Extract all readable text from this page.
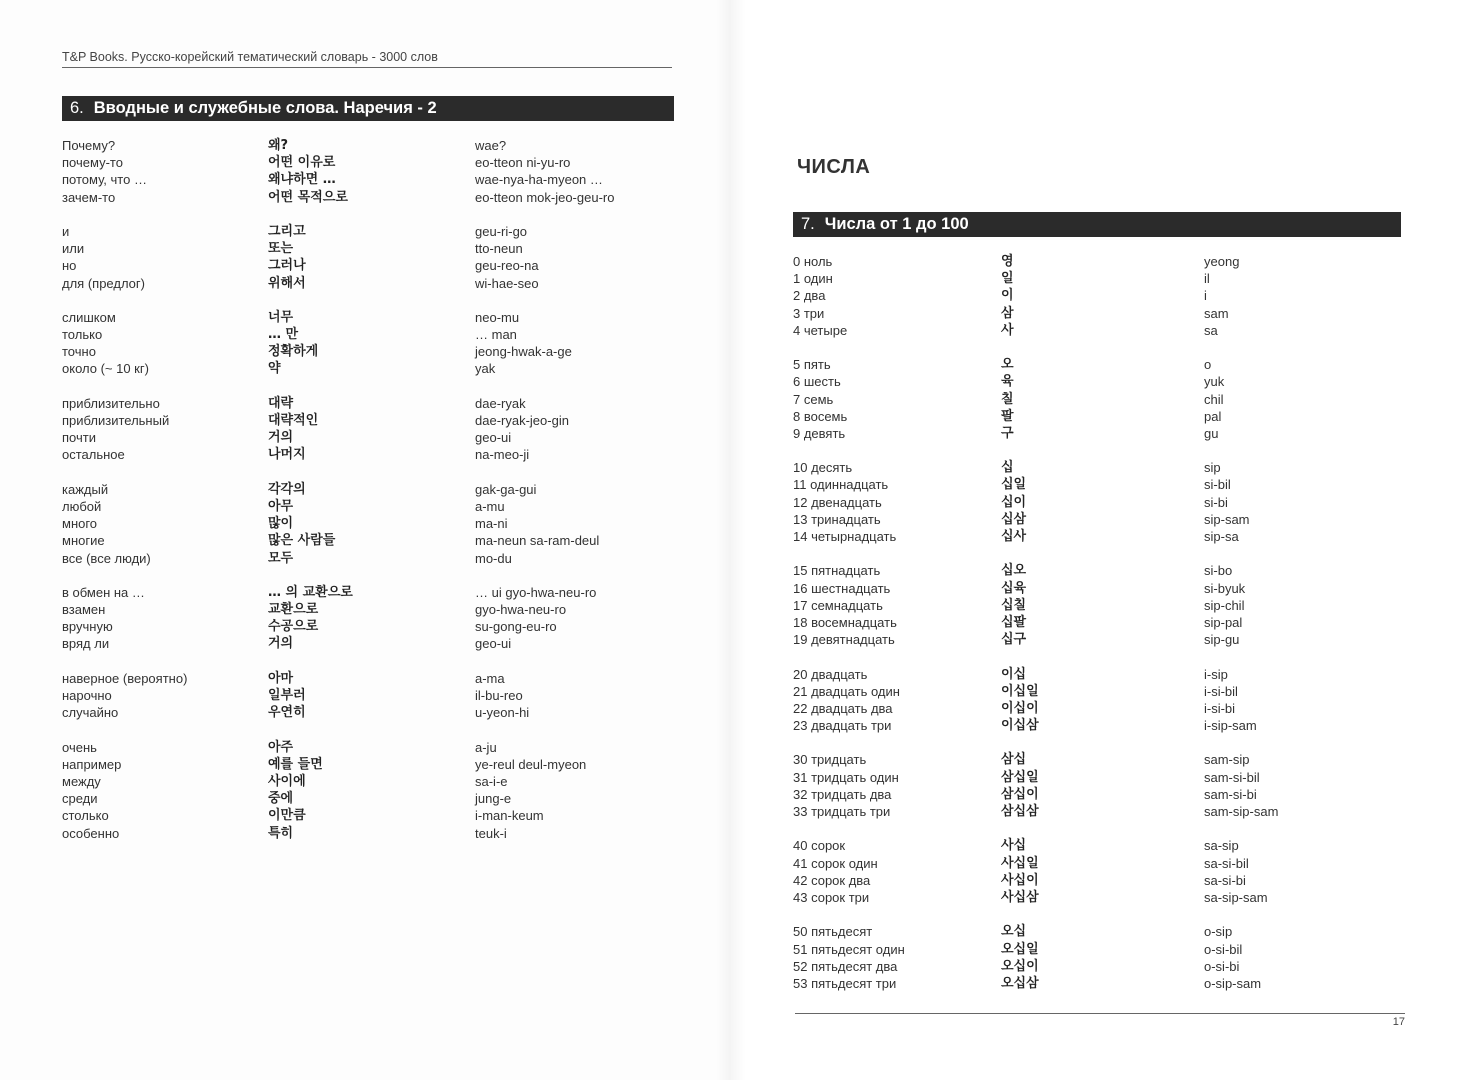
T&P Books. Русско-корейский тематический словарь - 3000 слов
6. Вводные и служебные слова. Наречия - 2
Почему?	왜?	wae?
почему-то	어떤 이유로	eo-tteon ni-yu-ro
потому, что …	왜냐하면 …	wae-nya-ha-myeon …
зачем-то	어떤 목적으로	eo-tteon mok-jeo-geu-ro
и	그리고	geu-ri-go
или	또는	tto-neun
но	그러나	geu-reo-na
для (предлог)	위해서	wi-hae-seo
слишком	너무	neo-mu
только	… 만	… man
точно	정확하게	jeong-hwak-a-ge
около (~ 10 кг)	약	yak
приблизительно	대략	dae-ryak
приблизительный	대략적인	dae-ryak-jeo-gin
почти	거의	geo-ui
остальное	나머지	na-meo-ji
каждый	각각의	gak-ga-gui
любой	아무	a-mu
много	많이	ma-ni
многие	많은 사람들	ma-neun sa-ram-deul
все (все люди)	모두	mo-du
в обмен на …	… 의 교환으로	… ui gyo-hwa-neu-ro
взамен	교환으로	gyo-hwa-neu-ro
вручную	수공으로	su-gong-eu-ro
вряд ли	거의	geo-ui
наверное (вероятно)	아마	a-ma
нарочно	일부러	il-bu-reo
случайно	우연히	u-yeon-hi
очень	아주	a-ju
например	예를 들면	ye-reul deul-myeon
между	사이에	sa-i-e
среди	중에	jung-e
столько	이만큼	i-man-keum
особенно	특히	teuk-i
ЧИСЛА
7. Числа от 1 до 100
0 ноль	영	yeong
1 один	일	il
2 два	이	i
3 три	삼	sam
4 четыре	사	sa
5 пять	오	o
6 шесть	육	yuk
7 семь	칠	chil
8 восемь	팔	pal
9 девять	구	gu
10 десять	십	sip
11 одиннадцать	십일	si-bil
12 двенадцать	십이	si-bi
13 тринадцать	십삼	sip-sam
14 четырнадцать	십사	sip-sa
15 пятнадцать	십오	si-bo
16 шестнадцать	십육	si-byuk
17 семнадцать	십칠	sip-chil
18 восемнадцать	십팔	sip-pal
19 девятнадцать	십구	sip-gu
20 двадцать	이십	i-sip
21 двадцать один	이십일	i-si-bil
22 двадцать два	이십이	i-si-bi
23 двадцать три	이십삼	i-sip-sam
30 тридцать	삼십	sam-sip
31 тридцать один	삼십일	sam-si-bil
32 тридцать два	삼십이	sam-si-bi
33 тридцать три	삼십삼	sam-sip-sam
40 сорок	사십	sa-sip
41 сорок один	사십일	sa-si-bil
42 сорок два	사십이	sa-si-bi
43 сорок три	사십삼	sa-sip-sam
50 пятьдесят	오십	o-sip
51 пятьдесят один	오십일	o-si-bil
52 пятьдесят два	오십이	o-si-bi
53 пятьдесят три	오십삼	o-sip-sam
17
